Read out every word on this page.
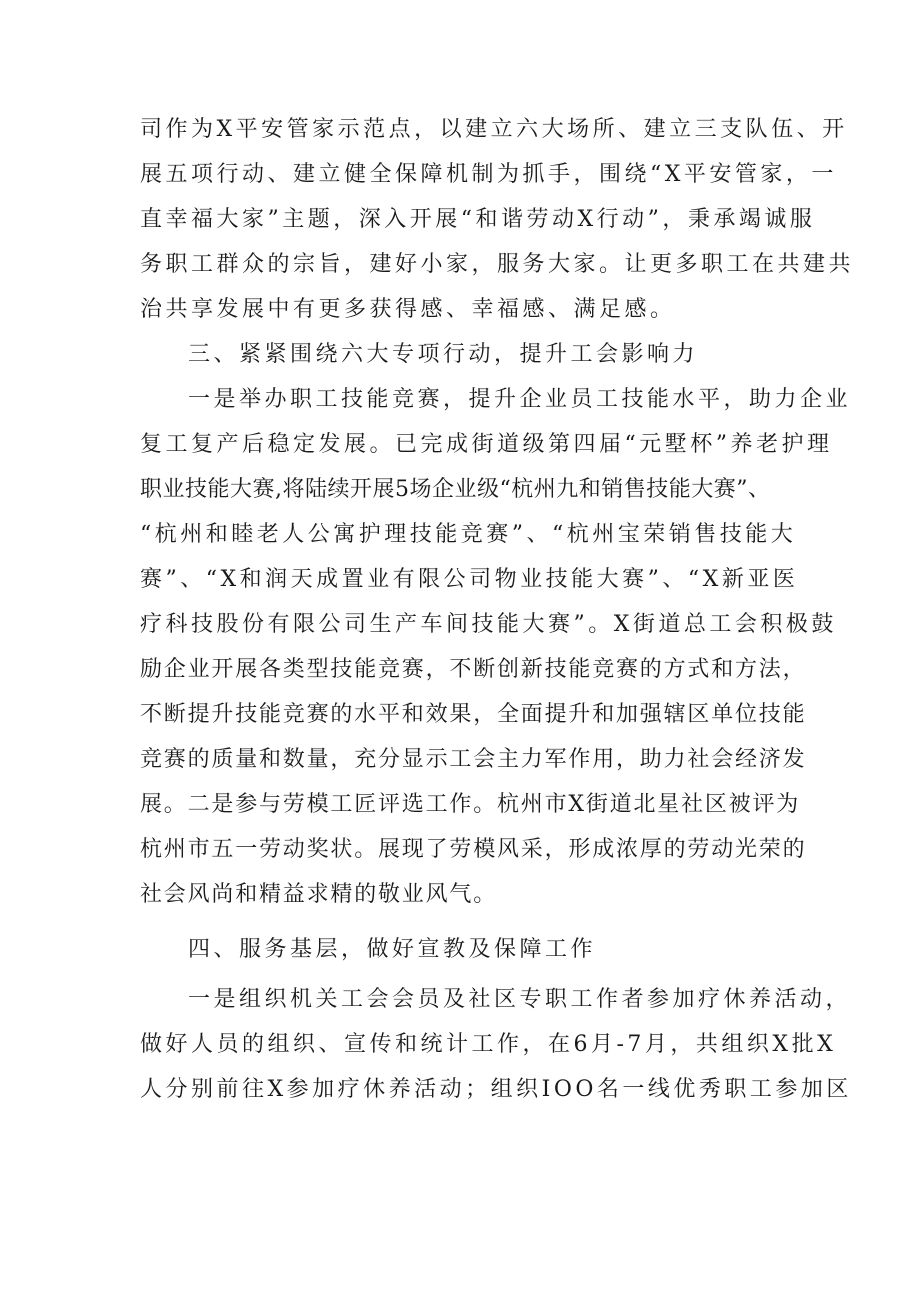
司作为X平安管家示范点，以建立六大场所、建立三支队伍、开
展五项行动、建立健全保障机制为抓手，围绕“X平安管家，一
直幸福大家”主题，深入开展“和谐劳动X行动”，秉承竭诚服
务职工群众的宗旨，建好小家，服务大家。让更多职工在共建共
治共享发展中有更多获得感、幸福感、满足感。
三、紧紧围绕六大专项行动，提升工会影响力
一是举办职工技能竞赛，提升企业员工技能水平，助力企业
复工复产后稳定发展。已完成街道级第四届“元墅杯”养老护理
职业技能大赛,将陆续开展5场企业级“杭州九和销售技能大赛”、
“杭州和睦老人公寓护理技能竞赛”、“杭州宝荣销售技能大
赛”、“X和润天成置业有限公司物业技能大赛”、“X新亚医
疗科技股份有限公司生产车间技能大赛”。X街道总工会积极鼓
励企业开展各类型技能竞赛，不断创新技能竞赛的方式和方法，
不断提升技能竞赛的水平和效果，全面提升和加强辖区单位技能
竞赛的质量和数量，充分显示工会主力军作用，助力社会经济发
展。二是参与劳模工匠评选工作。杭州市X街道北星社区被评为
杭州市五一劳动奖状。展现了劳模风采，形成浓厚的劳动光荣的
社会风尚和精益求精的敬业风气。
四、服务基层，做好宣教及保障工作
一是组织机关工会会员及社区专职工作者参加疗休养活动，
做好人员的组织、宣传和统计工作，在6月-7月，共组织X批X
人分别前往X参加疗休养活动；组织IOO名一线优秀职工参加区
